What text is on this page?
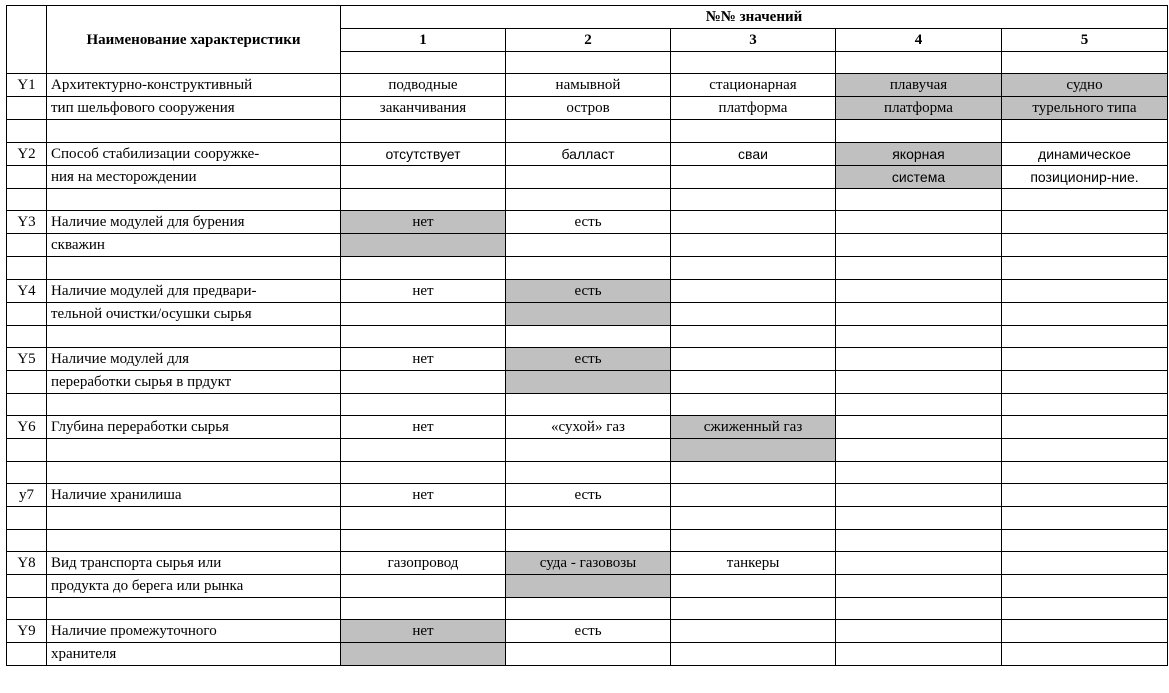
	Наименование характеристики	№№ значений				
		1	2	3	4	5

Y1	Архитектурно-конструктивный	подводные	намывной	стационарная	плавучая	судно
	тип шельфового сооружения	заканчивания	остров	платформа	платформа	турельного типа

Y2	Способ стабилизации сооружке-	отсутствует	балласт	сваи	якорная	динамическое
	ния на месторождении				система	позиционир-ние.

Y3	Наличие модулей для бурения	нет	есть			
	скважин					

Y4	Наличие модулей для предвари-	нет	есть			
	тельной очистки/осушки сырья					

Y5	Наличие модулей для	нет	есть			
	переработки сырья в прдукт					

Y6	Глубина переработки сырья	нет	«сухой» газ	сжиженный газ		

у7	Наличие хранилиша	нет	есть			

Y8	Вид транспорта сырья или	газопровод	суда - газовозы	танкеры		
	продукта до берега или рынка					

Y9	Наличие промежуточного	нет	есть			
	хранителя					
